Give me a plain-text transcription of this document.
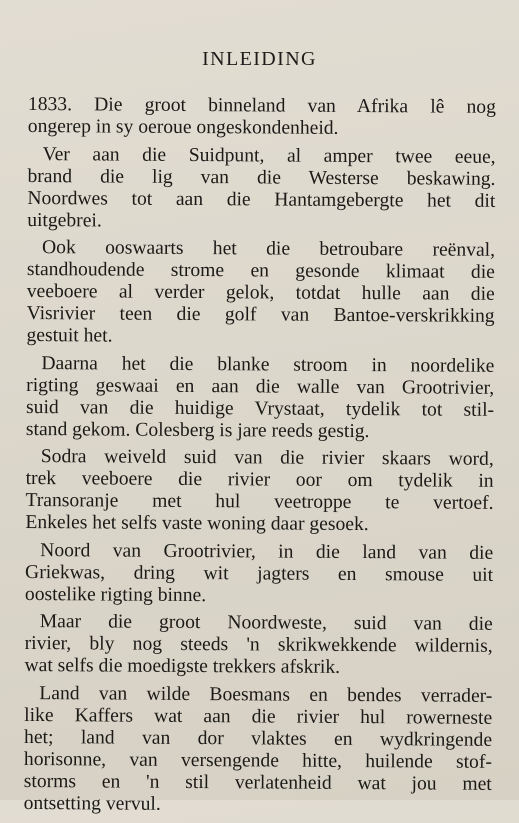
INLEIDING
1833. Die groot binneland van Afrika lê nog
ongerep in sy oeroue ongeskondenheid.
Ver aan die Suidpunt, al amper twee eeue,
brand die lig van die Westerse beskawing.
Noordwes tot aan die Hantamgebergte het dit
uitgebrei.
Ook ooswaarts het die betroubare reënval,
standhoudende strome en gesonde klimaat die
veeboere al verder gelok, totdat hulle aan die
Visrivier teen die golf van Bantoe-verskrikking
gestuit het.
Daarna het die blanke stroom in noordelike
rigting geswaai en aan die walle van Grootrivier,
suid van die huidige Vrystaat, tydelik tot stil-
stand gekom. Colesberg is jare reeds gestig.
Sodra weiveld suid van die rivier skaars word,
trek veeboere die rivier oor om tydelik in
Transoranje met hul veetroppe te vertoef.
Enkeles het selfs vaste woning daar gesoek.
Noord van Grootrivier, in die land van die
Griekwas, dring wit jagters en smouse uit
oostelike rigting binne.
Maar die groot Noordweste, suid van die
rivier, bly nog steeds 'n skrikwekkende wildernis,
wat selfs die moedigste trekkers afskrik.
Land van wilde Boesmans en bendes verrader-
like Kaffers wat aan die rivier hul rowerneste
het; land van dor vlaktes en wydkringende
horisonne, van versengende hitte, huilende stof-
storms en 'n stil verlatenheid wat jou met
ontsetting vervul.
